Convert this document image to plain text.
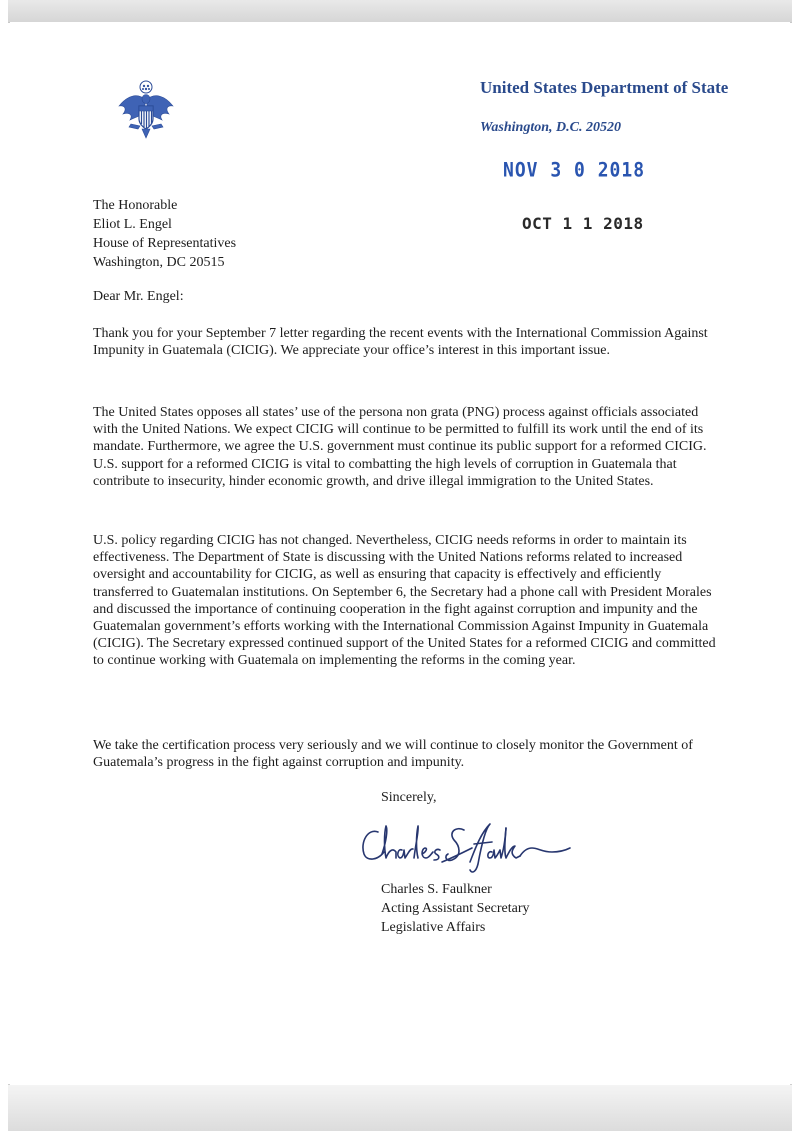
United States Department of State
Washington, D.C. 20520
NOV 3 0 2018
OCT 1 1 2018
The Honorable
Eliot L. Engel
House of Representatives
Washington, DC 20515
Dear Mr. Engel:
Thank you for your September 7 letter regarding the recent events with the International Commission Against Impunity in Guatemala (CICIG). We appreciate your office’s interest in this important issue.
The United States opposes all states’ use of the persona non grata (PNG) process against officials associated with the United Nations. We expect CICIG will continue to be permitted to fulfill its work until the end of its mandate. Furthermore, we agree the U.S. government must continue its public support for a reformed CICIG. U.S. support for a reformed CICIG is vital to combatting the high levels of corruption in Guatemala that contribute to insecurity, hinder economic growth, and drive illegal immigration to the United States.
U.S. policy regarding CICIG has not changed. Nevertheless, CICIG needs reforms in order to maintain its effectiveness. The Department of State is discussing with the United Nations reforms related to increased oversight and accountability for CICIG, as well as ensuring that capacity is effectively and efficiently transferred to Guatemalan institutions. On September 6, the Secretary had a phone call with President Morales and discussed the importance of continuing cooperation in the fight against corruption and impunity and the Guatemalan government’s efforts working with the International Commission Against Impunity in Guatemala (CICIG). The Secretary expressed continued support of the United States for a reformed CICIG and committed to continue working with Guatemala on implementing the reforms in the coming year.
We take the certification process very seriously and we will continue to closely monitor the Government of Guatemala’s progress in the fight against corruption and impunity.
Sincerely,
Charles S. Faulkner
Acting Assistant Secretary
Legislative Affairs
